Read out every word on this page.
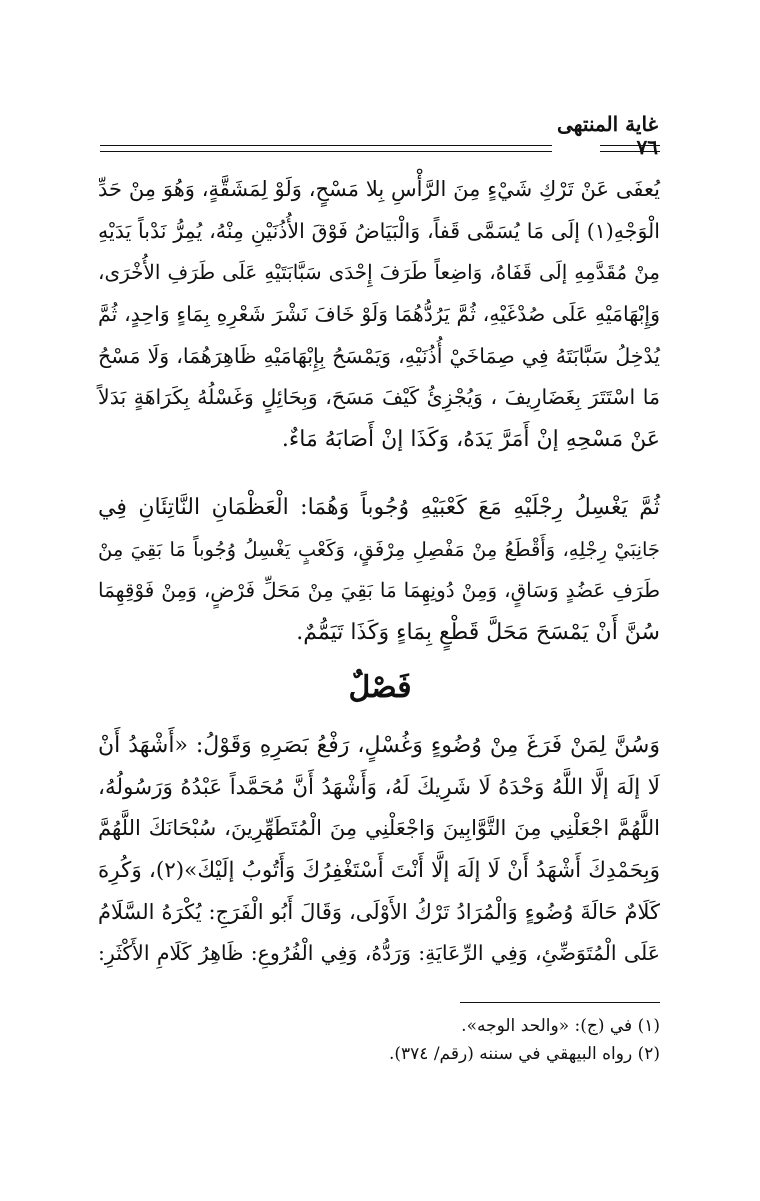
غاية المنتهى
٧٦
يُعفَى عَنْ تَرْكِ شَيْءٍ مِنَ الرَّأْسِ بِلا مَسْحٍ، وَلَوْ لِمَشَقَّةٍ، وَهُوَ مِنْ حَدِّ
الْوَجْهِ(١) إلَى مَا يُسَمَّى قَفاً، وَالْبَيَاضُ فَوْقَ الأُذُنَيْنِ مِنْهُ، يُمِرُّ نَدْباً يَدَيْهِ
مِنْ مُقَدَّمِهِ إلَى قَفَاهُ، وَاضِعاً طَرَفَ إِحْدَى سَبَّابَتَيْهِ عَلَى طَرَفِ الأُخْرَى،
وَإِبْهَامَيْهِ عَلَى صُدْغَيْهِ، ثُمَّ يَرُدُّهُمَا وَلَوْ خَافَ نَشْرَ شَعْرِهِ بِمَاءٍ وَاحِدٍ، ثُمَّ
يُدْخِلُ سَبَّابَتَهُ فِي صِمَاخَيْ أُذُنَيْهِ، وَيَمْسَحُ بِإِبْهَامَيْهِ ظَاهِرَهُمَا، وَلَا مَسْحُ
مَا اسْتَتَرَ بِغَضَارِيفَ ، وَيُجْزِئُ كَيْفَ مَسَحَ، وَبِحَائِلٍ وَغَسْلُهُ بِكَرَاهَةٍ بَدَلاً
عَنْ مَسْحِهِ إنْ أَمَرَّ يَدَهُ، وَكَذَا إنْ أَصَابَهُ مَاءٌ.
ثُمَّ يَغْسِلُ رِجْلَيْهِ مَعَ كَعْبَيْهِ وُجُوباً وَهُمَا: الْعَظْمَانِ النَّاتِئَانِ فِي
جَانِبَيْ رِجْلِهِ، وَأَقْطَعُ مِنْ مَفْصِلِ مِرْفَقٍ، وَكَعْبٍ يَغْسِلُ وُجُوباً مَا بَقِيَ مِنْ
طَرَفِ عَضُدٍ وَسَاقٍ، وَمِنْ دُونِهِمَا مَا بَقِيَ مِنْ مَحَلِّ فَرْضٍ، وَمِنْ فَوْقِهِمَا
سُنَّ أَنْ يَمْسَحَ مَحَلَّ قَطْعٍ بِمَاءٍ وَكَذَا تَيَمُّمٌ.
فَصْلٌ
وَسُنَّ لِمَنْ فَرَغَ مِنْ وُضُوءٍ وَغُسْلٍ، رَفْعُ بَصَرِهِ وَقَوْلُ: «أَشْهَدُ أَنْ
لَا إلَهَ إلَّا اللَّهُ وَحْدَهُ لَا شَرِيكَ لَهُ، وَأَشْهَدُ أَنَّ مُحَمَّداً عَبْدُهُ وَرَسُولُهُ،
اللَّهُمَّ اجْعَلْنِي مِنَ التَّوَّابِينَ وَاجْعَلْنِي مِنَ الْمُتَطَهِّرِينَ، سُبْحَانَكَ اللَّهُمَّ
وَبِحَمْدِكَ أَشْهَدُ أَنْ لَا إلَهَ إلَّا أَنْتَ أَسْتَغْفِرُكَ وَأَتُوبُ إلَيْكَ»(٢)، وَكُرِهَ
كَلَامٌ حَالَةَ وُضُوءٍ وَالْمُرَادُ تَرْكُ الأَوْلَى، وَقَالَ أَبُو الْفَرَجِ: يُكْرَهُ السَّلَامُ
عَلَى الْمُتَوَضِّئِ، وَفِي الرِّعَايَةِ: وَرَدُّهُ، وَفِي الْفُرُوعِ: ظَاهِرُ كَلَامِ الأَكْثَرِ:
(١) في (ج): «والحد الوجه».
(٢) رواه البيهقي في سننه (رقم/ ٣٧٤).
